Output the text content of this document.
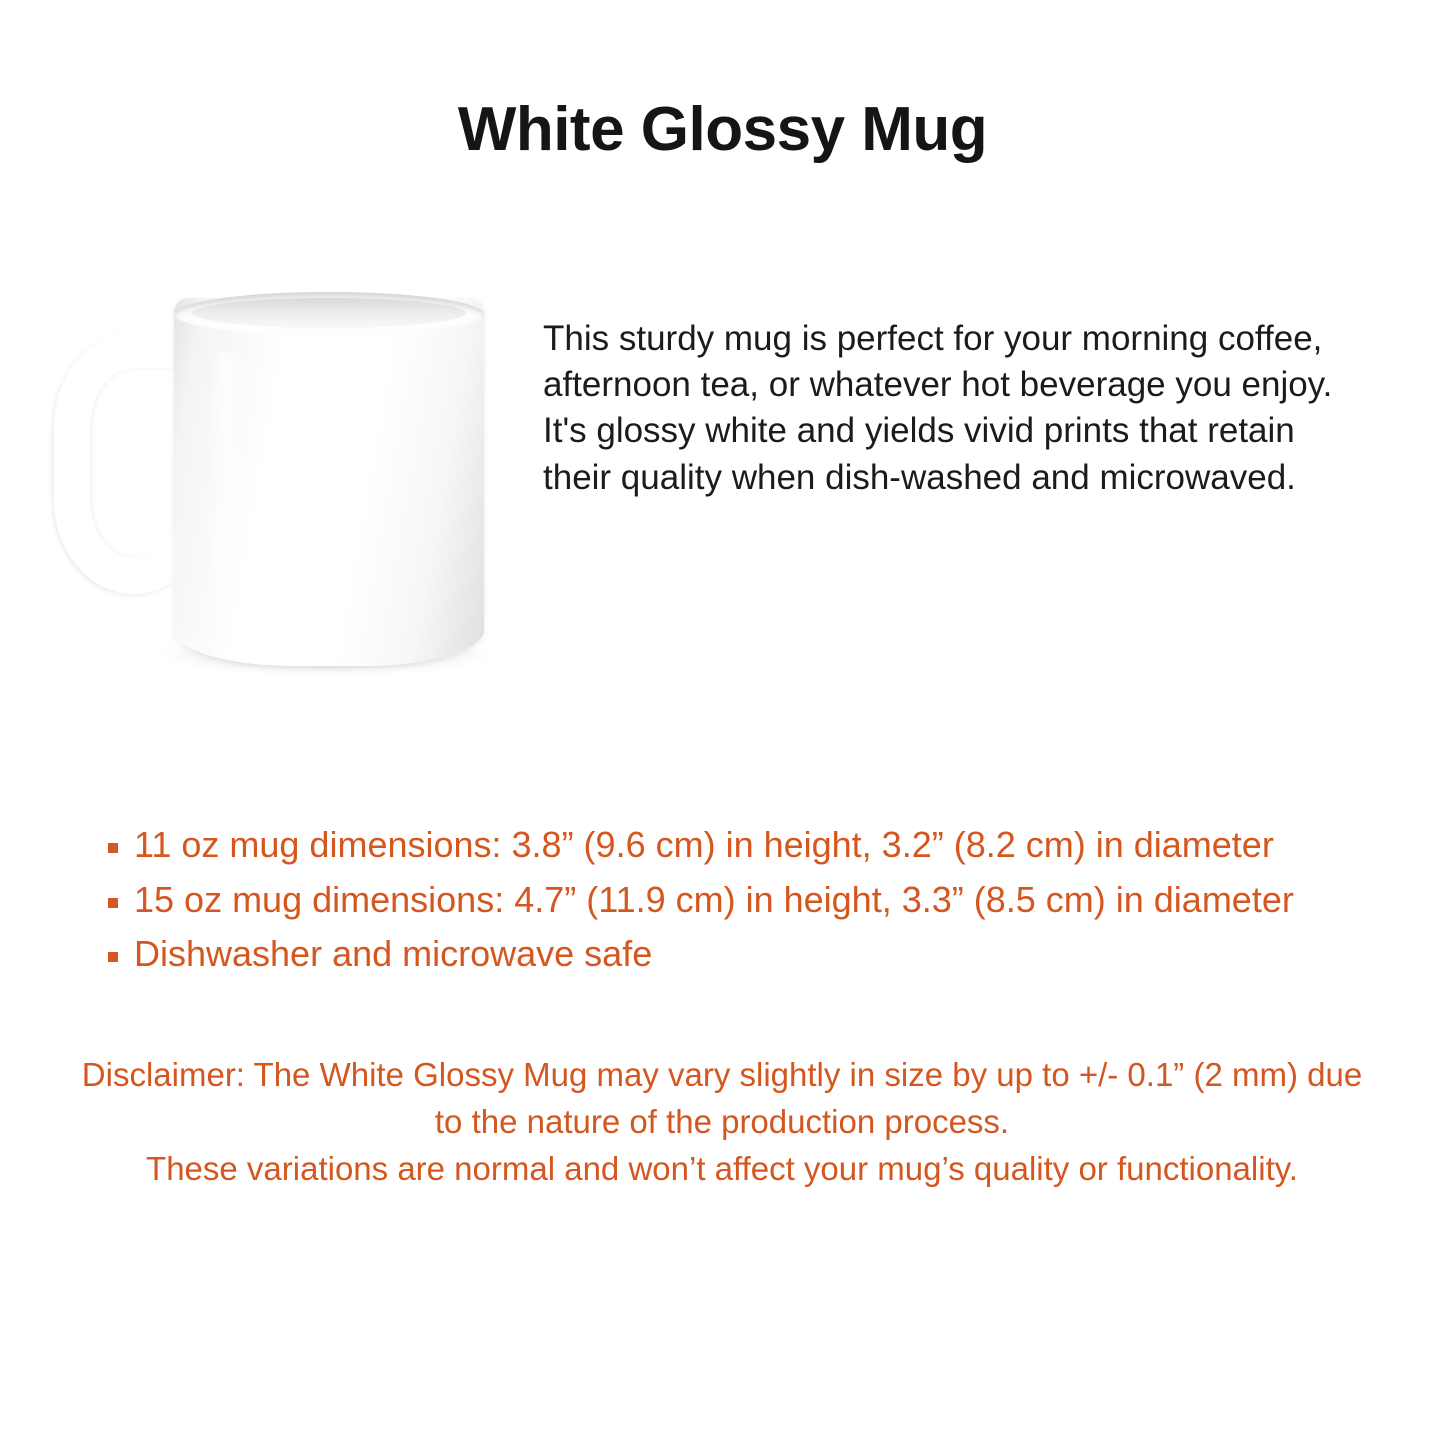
White Glossy Mug
This sturdy mug is perfect for your morning coffee, afternoon tea, or whatever hot beverage you enjoy. It's glossy white and yields vivid prints that retain their quality when dish-washed and microwaved.
11 oz mug dimensions: 3.8” (9.6 cm) in height, 3.2” (8.2 cm) in diameter
15 oz mug dimensions: 4.7” (11.9 cm) in height, 3.3” (8.5 cm) in diameter
Dishwasher and microwave safe
Disclaimer: The White Glossy Mug may vary slightly in size by up to +/- 0.1” (2 mm) due to the nature of the production process.
These variations are normal and won’t affect your mug’s quality or functionality.
